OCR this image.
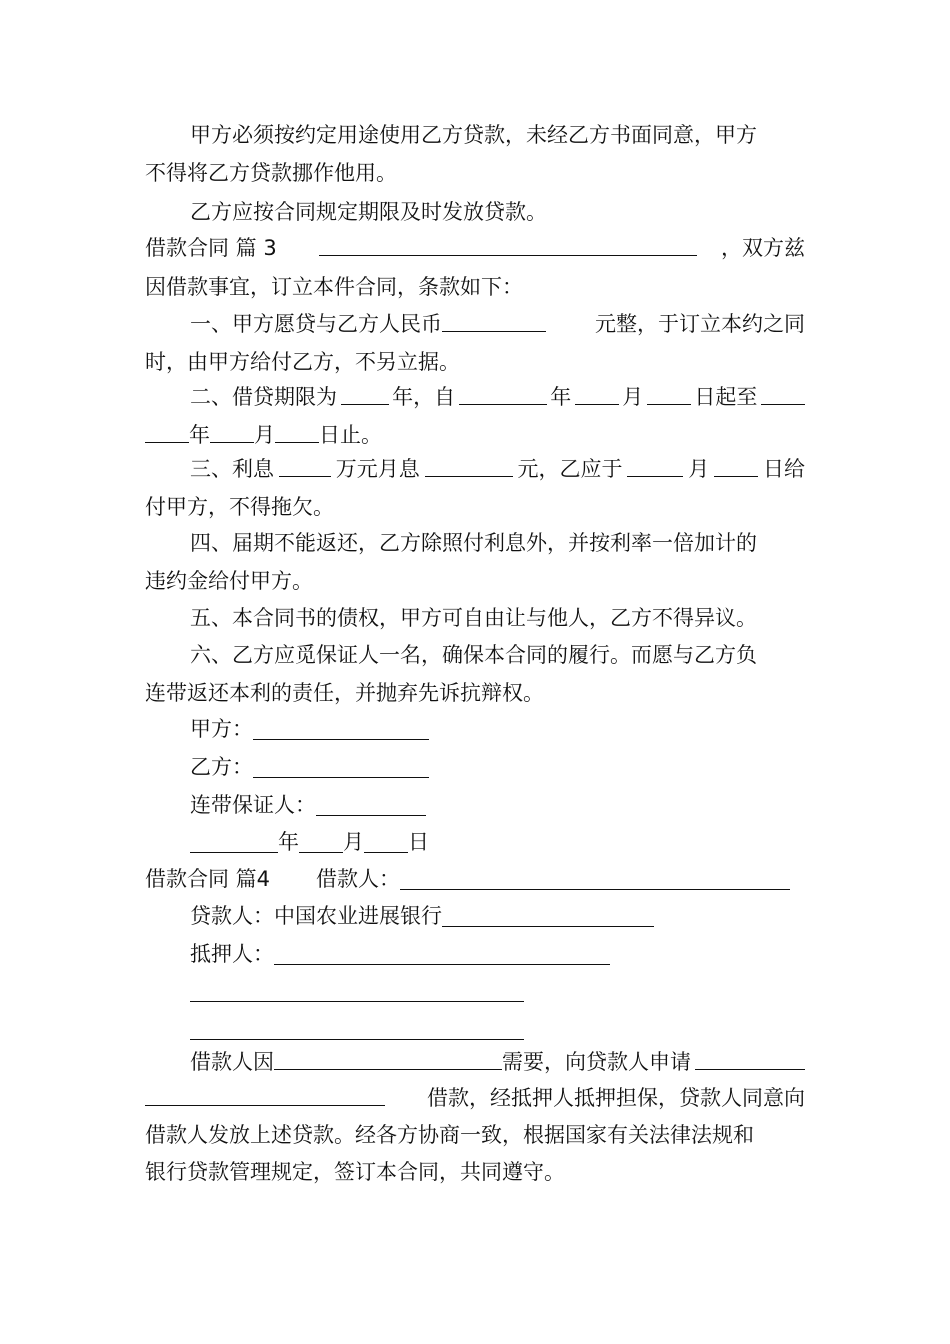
甲方必须按约定用途使用乙方贷款，未经乙方书面同意，甲方
不得将乙方贷款挪作他用。
乙方应按合同规定期限及时发放贷款。
借款合同 篇 3	，双方兹
因借款事宜，订立本件合同，条款如下：
一、甲方愿贷与乙方人民币	元整，于订立本约之同
时，由甲方给付乙方，不另立据。
二、借贷期限为	年，自	年 月 日起至
年 月 日止。
三、利息	万元月息	元，乙应于	月	日给
付甲方，不得拖欠。
四、届期不能返还，乙方除照付利息外，并按利率一倍加计的
违约金给付甲方。
五、本合同书的债权，甲方可自由让与他人，乙方不得异议。
六、乙方应觅保证人一名，确保本合同的履行。而愿与乙方负
连带返还本利的责任，并抛弃先诉抗辩权。
甲方：
乙方：
连带保证人：
年 月 日
借款合同 篇4 借款人：
贷款人：中国农业进展银行
抵押人：
借款人因	需要，向贷款人申请
借款，经抵押人抵押担保，贷款人同意向
借款人发放上述贷款。经各方协商一致，根据国家有关法律法规和
银行贷款管理规定，签订本合同，共同遵守。
